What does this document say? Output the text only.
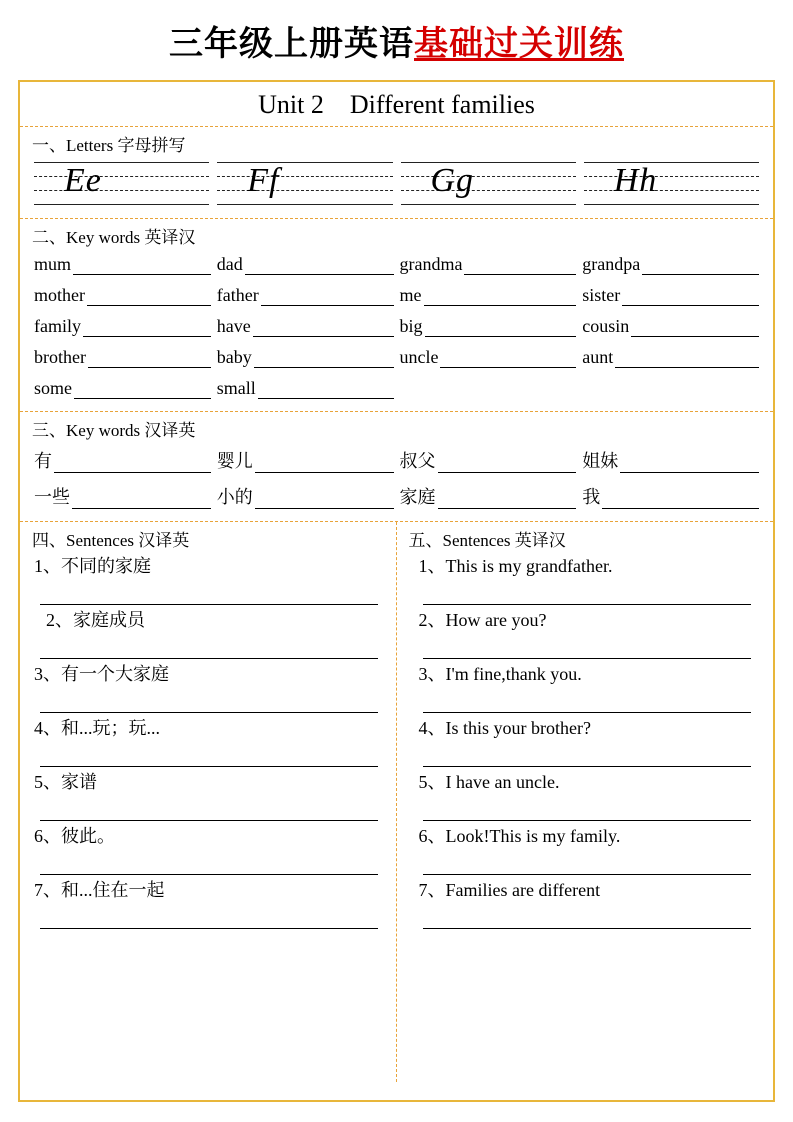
三年级上册英语基础过关训练
Unit 2 Different families
一、Letters 字母拼写
Ee	Ff	Gg	Hh
二、Key words 英译汉
mum	dad	grandma	grandpa
mother	father	me	sister
family	have	big	cousin
brother	baby	uncle	aunt
some	small
三、Key words 汉译英
有	婴儿	叔父	姐妹
一些	小的	家庭	我
四、Sentences 汉译英
1、不同的家庭
2、家庭成员
3、有一个大家庭
4、和...玩；玩...
5、家谱
6、彼此。
7、和...住在一起
五、Sentences 英译汉
1、This is my grandfather.
2、How are you?
3、I'm fine,thank you.
4、Is this your brother?
5、I have an uncle.
6、Look!This is my family.
7、Families are different
